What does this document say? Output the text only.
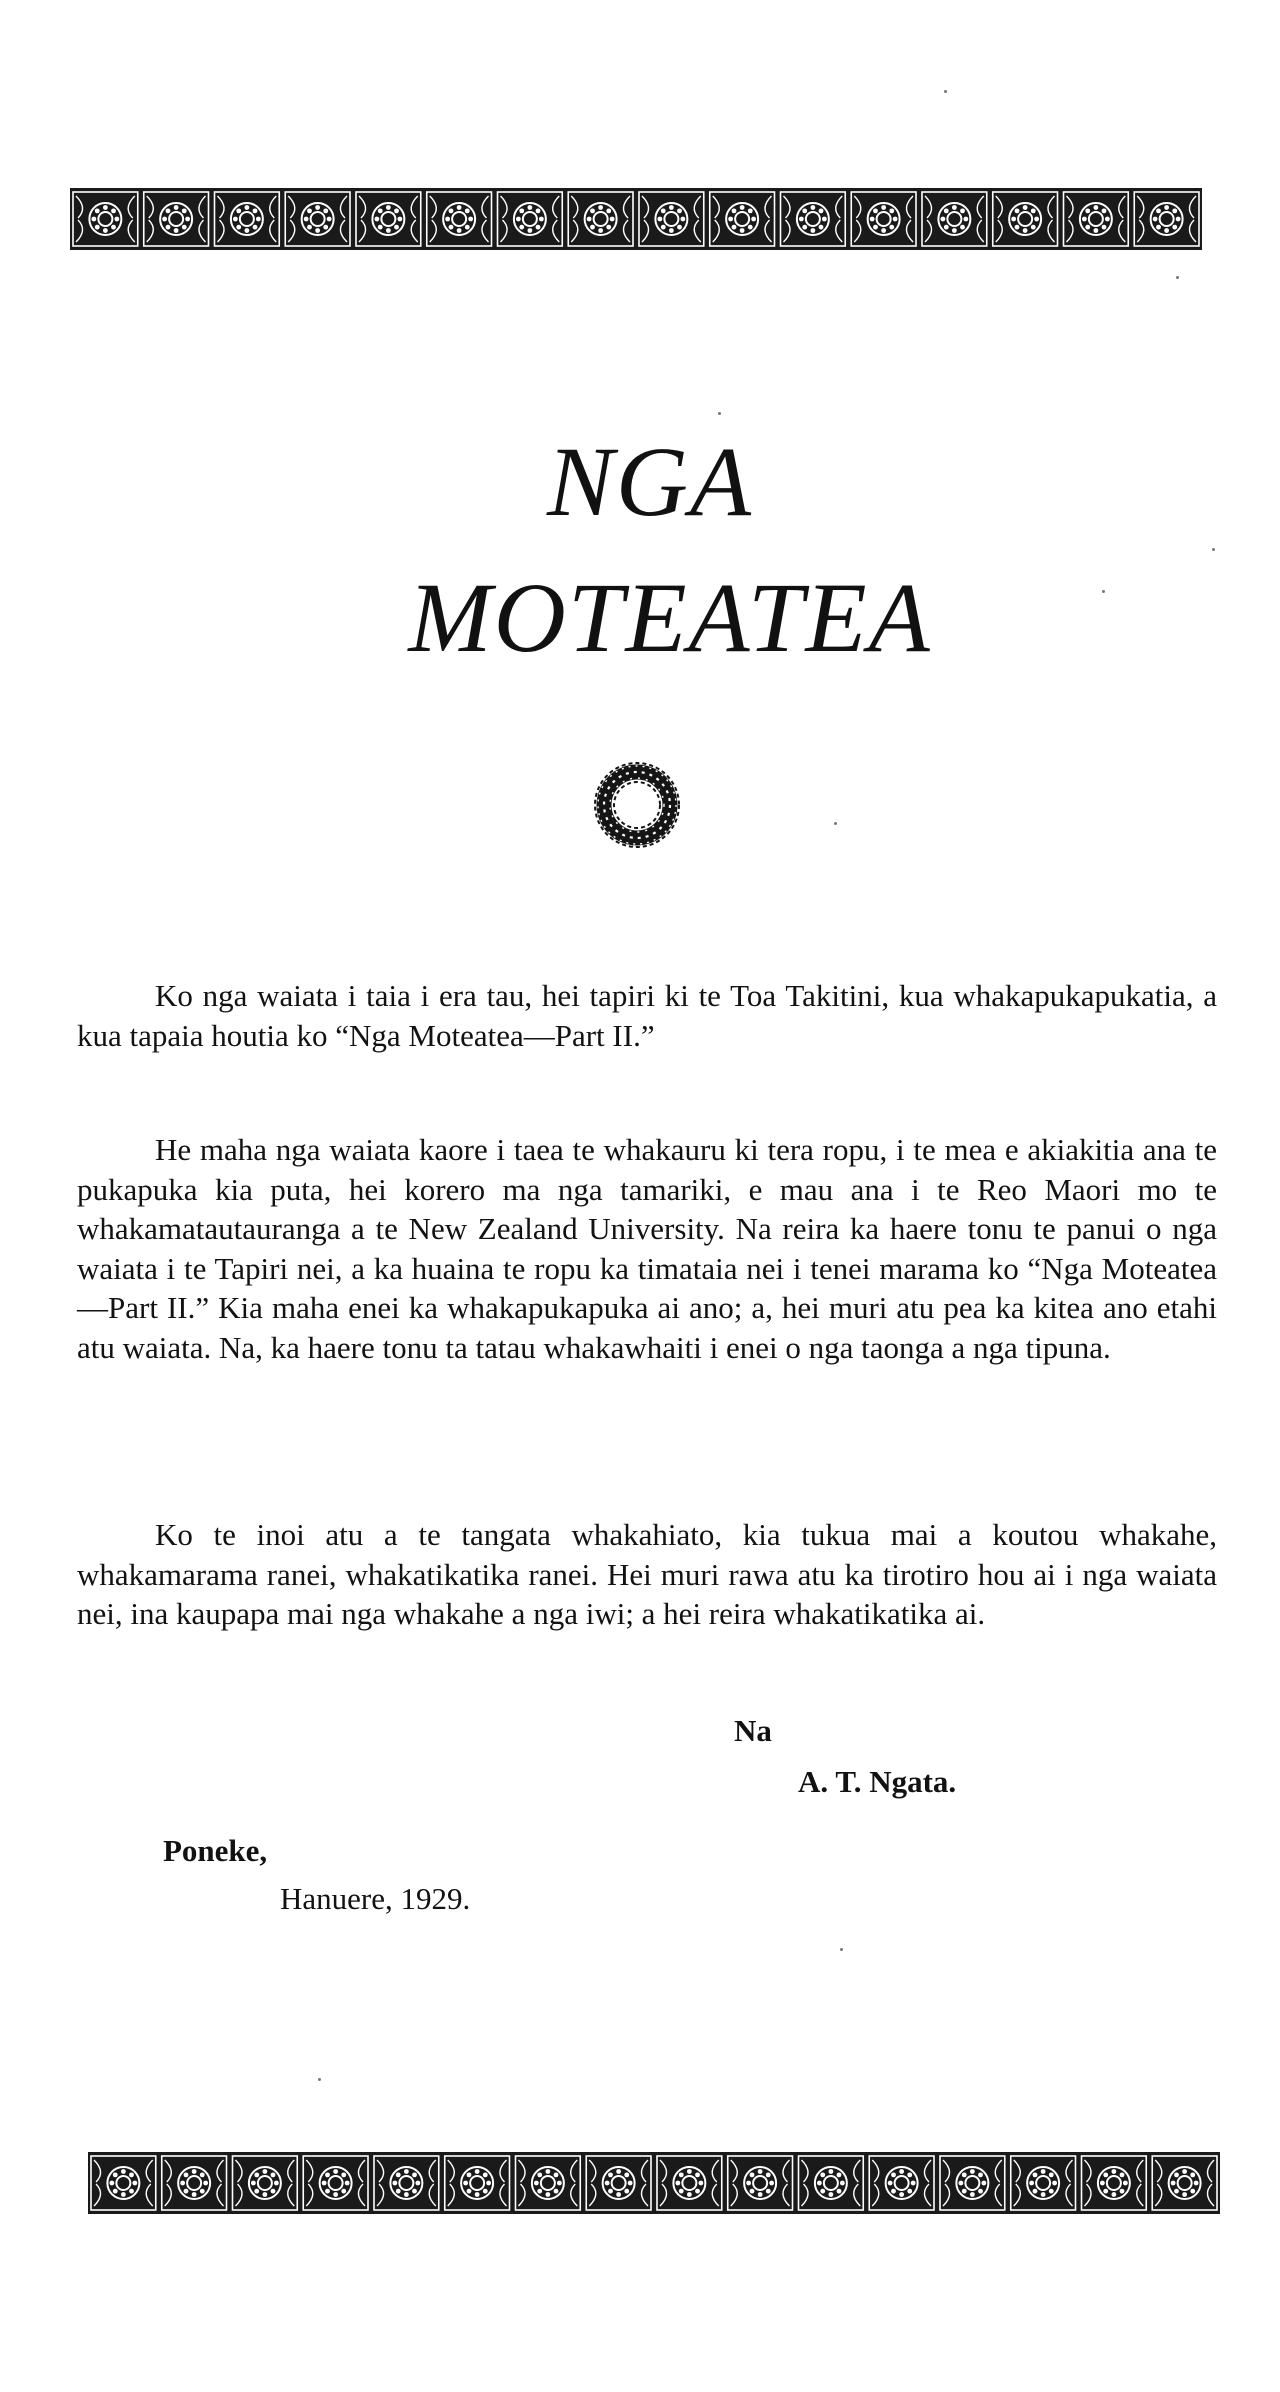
NGA
MOTEATEA

Ko nga waiata i taia i era tau, hei tapiri ki te Toa Takitini, kua whakapukapukatia, a kua tapaia houtia ko “Nga Moteatea—Part II.”

He maha nga waiata kaore i taea te whakauru ki tera ropu, i te mea e akiakitia ana te pukapuka kia puta, hei korero ma nga tamariki, e mau ana i te Reo Maori mo te whakamatautauranga a te New Zealand University. Na reira ka haere tonu te panui o nga waiata i te Tapiri nei, a ka huaina te ropu ka timataia nei i tenei marama ko “Nga Moteatea—Part II.” Kia maha enei ka whakapukapuka ai ano; a, hei muri atu pea ka kitea ano etahi atu waiata. Na, ka haere tonu ta tatau whakawhaiti i enei o nga taonga a nga tipuna.

Ko te inoi atu a te tangata whakahiato, kia tukua mai a koutou whakahe, whakamarama ranei, whakatikatika ranei. Hei muri rawa atu ka tirotiro hou ai i nga waiata nei, ina kaupapa mai nga whakahe a nga iwi; a hei reira whakatikatika ai.

Na
A. T. Ngata.
Poneke,
Hanuere, 1929.
